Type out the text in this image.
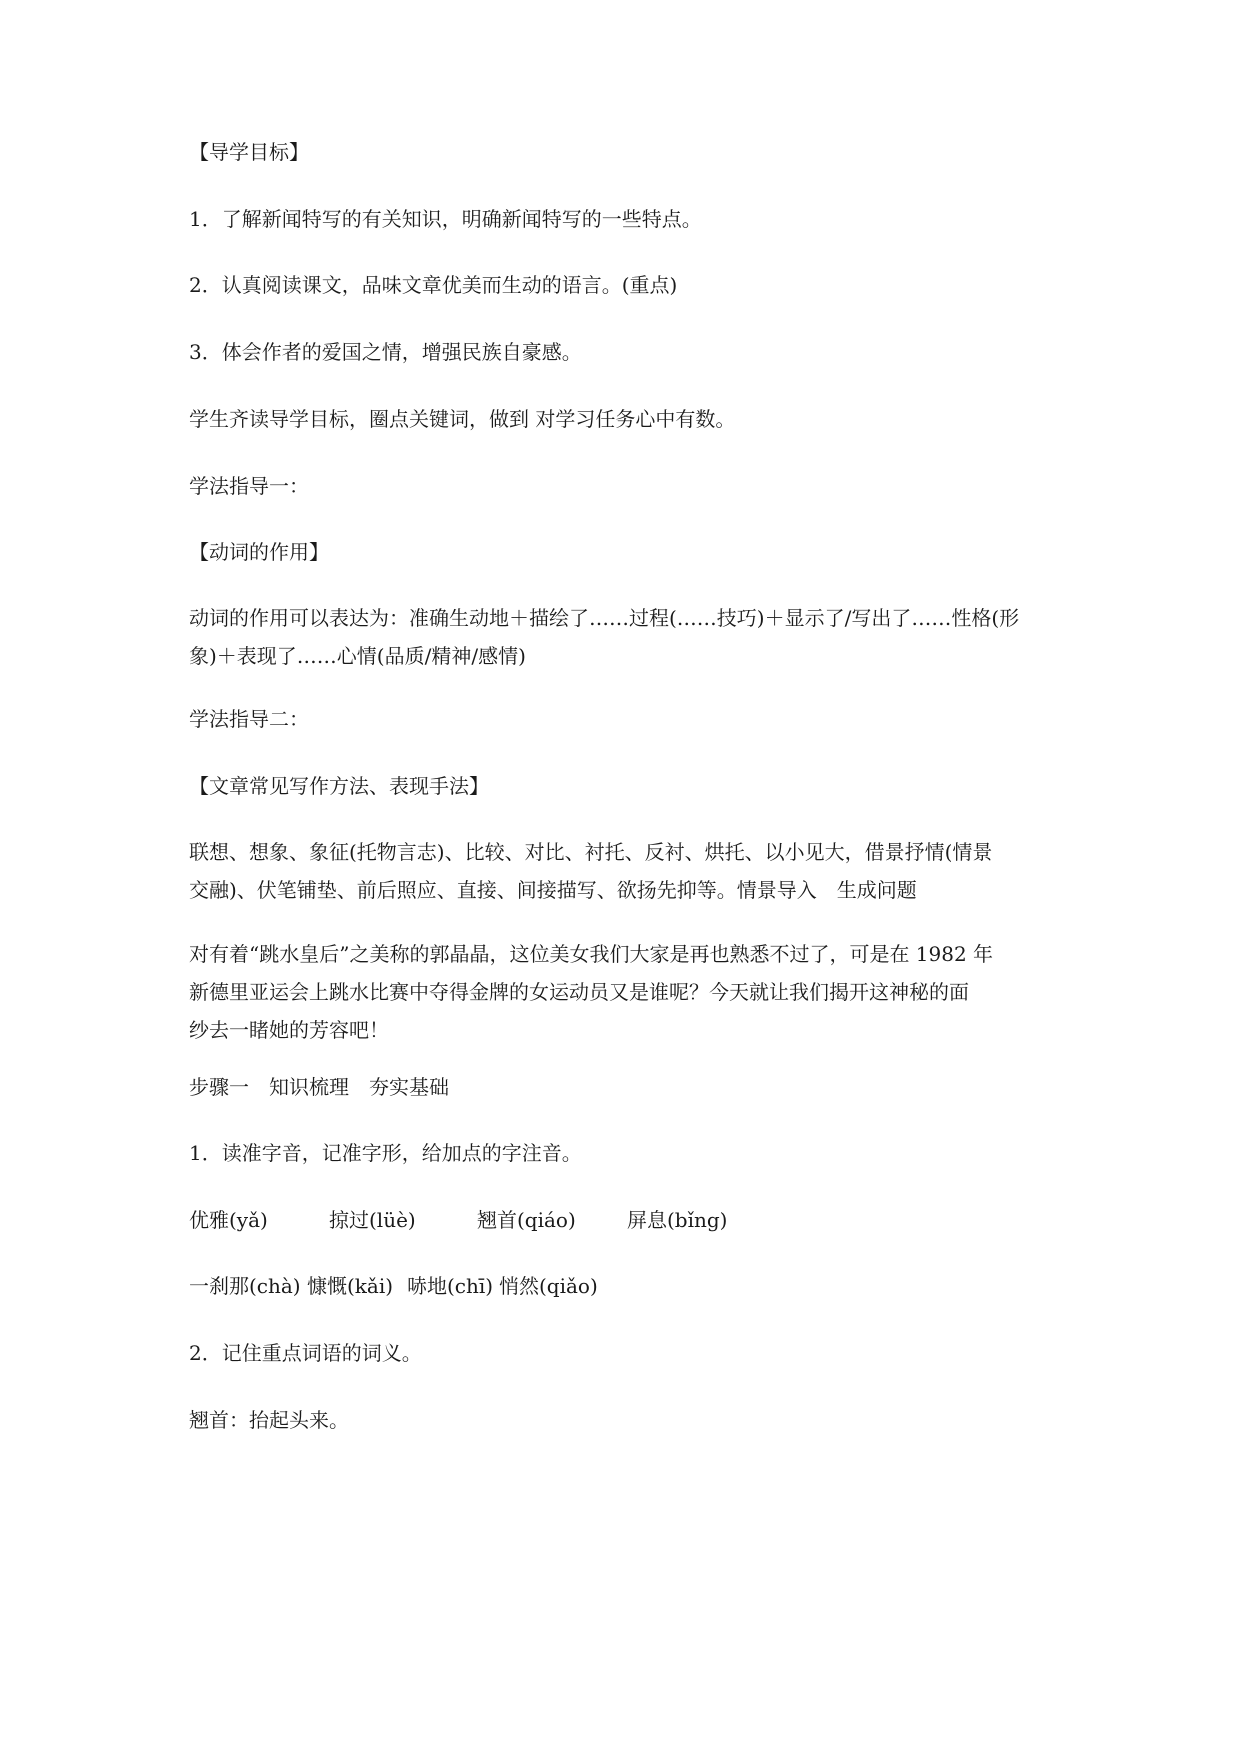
【导学目标】

1．了解新闻特写的有关知识，明确新闻特写的一些特点。

2．认真阅读课文，品味文章优美而生动的语言。(重点)

3．体会作者的爱国之情，增强民族自豪感。

学生齐读导学目标，圈点关键词，做到 对学习任务心中有数。

学法指导一：

【动词的作用】

动词的作用可以表达为：准确生动地＋描绘了……过程(……技巧)＋显示了/写出了……性格(形
象)＋表现了……心情(品质/精神/感情)

学法指导二：

【文章常见写作方法、表现手法】

联想、想象、象征(托物言志)、比较、对比、衬托、反衬、烘托、以小见大，借景抒情(情景
交融)、伏笔铺垫、前后照应、直接、间接描写、欲扬先抑等。情景导入　生成问题
对有着“跳水皇后”之美称的郭晶晶，这位美女我们大家是再也熟悉不过了，可是在 1982 年
新德里亚运会上跳水比赛中夺得金牌的女运动员又是谁呢？今天就让我们揭开这神秘的面
纱去一睹她的芳容吧！

步骤一　知识梳理　夯实基础

1．读准字音，记准字形，给加点的字注音。

优雅(yǎ)	掠过(lüè)	翘首(qiáo)	屏息(bǐng)
一刹那(chà) 慷慨(kǎi) 哧地(chī) 悄然(qiǎo)

2．记住重点词语的词义。

翘首：抬起头来。
